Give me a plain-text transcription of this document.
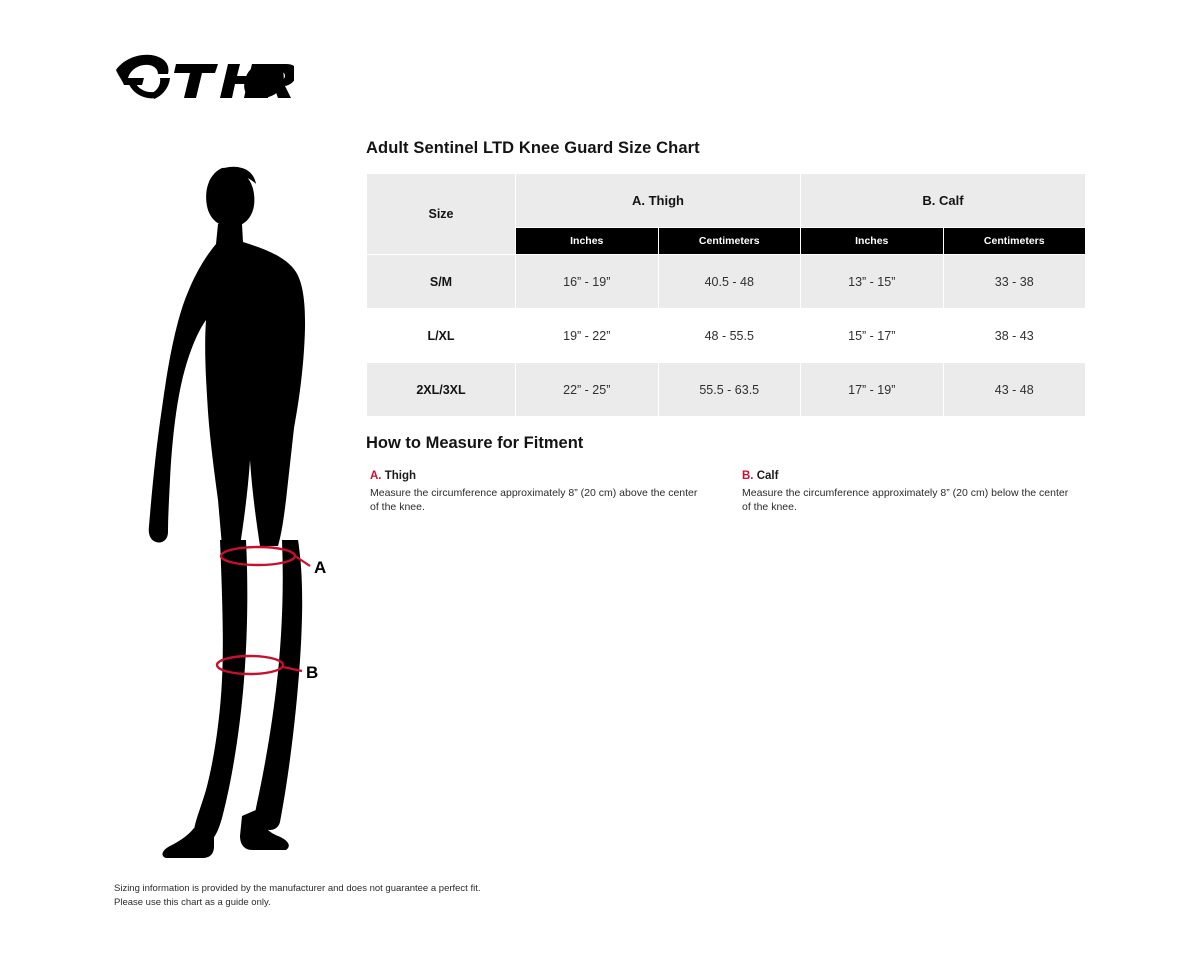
A
B
Adult Sentinel LTD Knee Guard Size Chart
Size	A. Thigh		B. Calf	
	Inches	Centimeters	Inches	Centimeters
S/M	16” - 19”	40.5 - 48	13” - 15”	33 - 38
L/XL	19” - 22”	48 - 55.5	15” - 17”	38 - 43
2XL/3XL	22” - 25”	55.5 - 63.5	17” - 19”	43 - 48
How to Measure for Fitment
A. Thigh
Measure the circumference approximately 8” (20 cm) above the center of the knee.
B. Calf
Measure the circumference approximately 8” (20 cm) below the center of the knee.
Sizing information is provided by the manufacturer and does not guarantee a perfect fit.
Please use this chart as a guide only.
